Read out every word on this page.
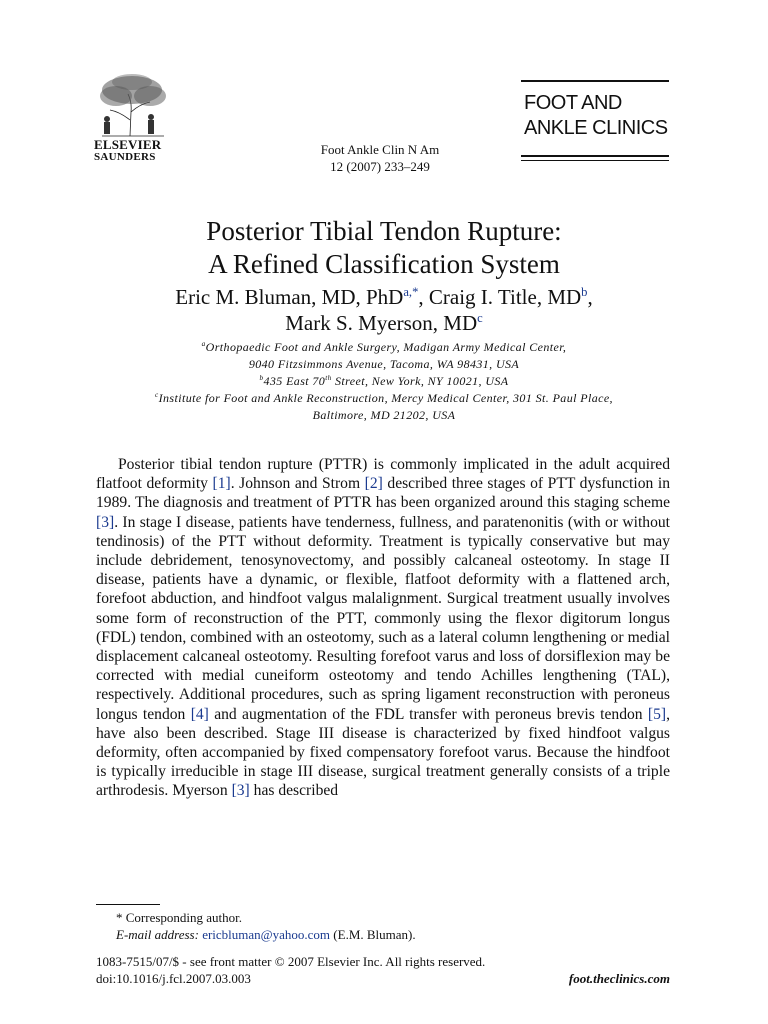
ELSEVIER
SAUNDERS	Foot Ankle Clin N Am
12 (2007) 233–249
FOOT AND
ANKLE CLINICS
Posterior Tibial Tendon Rupture:
A Refined Classification System
Eric M. Bluman, MD, PhD$^{a,*}$, Craig I. Title, $MD^b$,
Mark S. Myerson, $MD^c$
$^a$Orthopaedic Foot and Ankle Surgery, Madigan Army Medical Center,
9040 Fitzsimmons Avenue, Tacoma, WA 98431, USA
$^b$435 East 70th Street, New York, NY 10021, USA
$^c$Institute for Foot and Ankle Reconstruction, Mercy Medical Center, 301 St. Paul Place,
Baltimore, MD 21202, USA

Posterior tibial tendon rupture (PTTR) is commonly implicated in the adult acquired flatfoot deformity [1]. Johnson and Strom [2] described three stages of PTT dysfunction in 1989. The diagnosis and treatment of PTTR has been organized around this staging scheme [3]. In stage I disease, patients have tenderness, fullness, and paratenonitis (with or without tendinosis) of the PTT without deformity. Treatment is typically conservative but may include debridement, tenosynovectomy, and possibly calcaneal osteotomy. In stage II disease, patients have a dynamic, or flexible, flatfoot deformity with a flattened arch, forefoot abduction, and hindfoot valgus malalignment. Surgical treatment usually involves some form of reconstruction of the PTT, commonly using the flexor digitorum longus (FDL) tendon, combined with an osteotomy, such as a lateral column lengthening or medial displacement calcaneal osteotomy. Resulting forefoot varus and loss of dorsiflexion may be corrected with medial cuneiform osteotomy and tendo Achilles lengthening (TAL), respectively. Additional procedures, such as spring ligament reconstruction with peroneus longus tendon [4] and augmentation of the FDL transfer with peroneus brevis tendon [5], have also been described. Stage III disease is characterized by fixed hindfoot valgus deformity, often accompanied by fixed compensatory forefoot varus. Because the hindfoot is typically irreducible in stage III disease, surgical treatment generally consists of a triple arthrodesis. Myerson [3] has described

* Corresponding author.
E-mail address: ericbluman@yahoo.com (E.M. Bluman).
1083-7515/07/$ - see front matter © 2007 Elsevier Inc. All rights reserved.
doi:10.1016/j.fcl.2007.03.003	foot.theclinics.com
